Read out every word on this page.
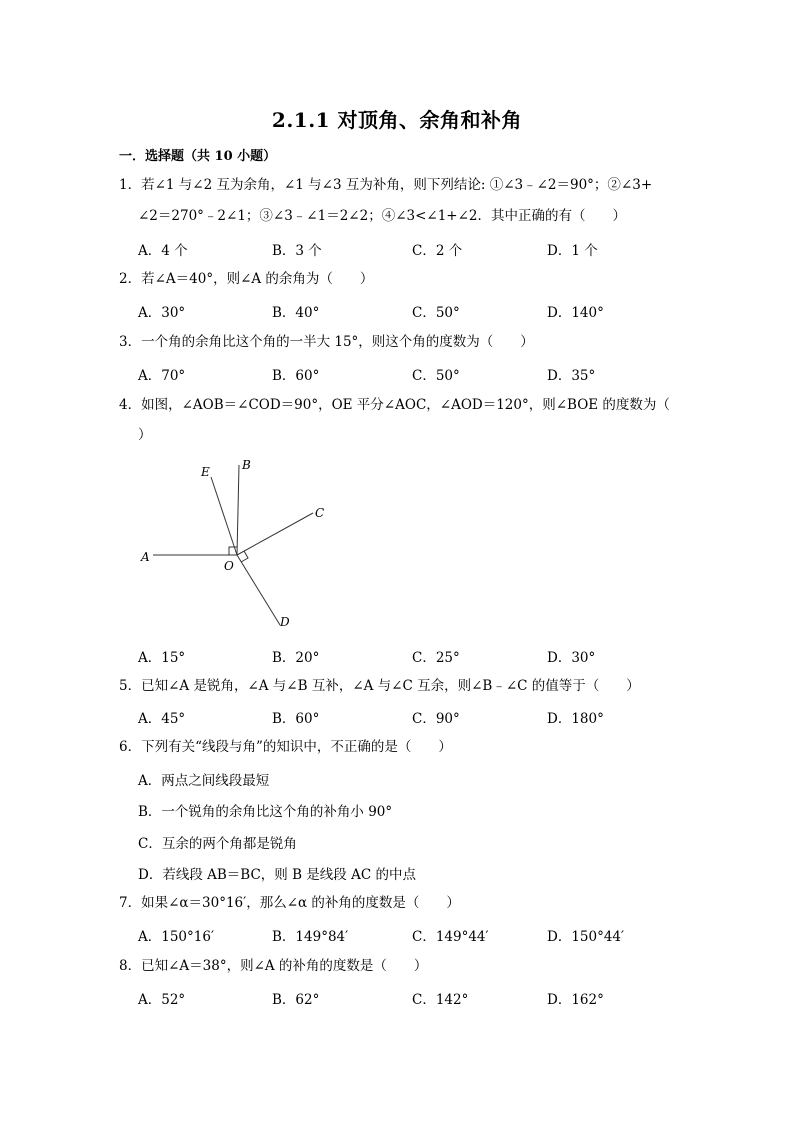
2.1.1 对顶角、余角和补角
一．选择题（共 10 小题）
1．若∠1 与∠2 互为余角，∠1 与∠3 互为补角，则下列结论: ①∠3﹣∠2＝90°；②∠3+
∠2＝270°﹣2∠1；③∠3﹣∠1＝2∠2；④∠3<∠1+∠2．其中正确的有（　　）
A．4 个	B．3 个	C．2 个	D．1 个
2．若∠A＝40°，则∠A 的余角为（　　）
A．30°	B．40°	C．50°	D．140°
3．一个角的余角比这个角的一半大 15°，则这个角的度数为（　　）
A．70°	B．60°	C．50°	D．35°
4．如图，∠AOB＝∠COD＝90°，OE 平分∠AOC，∠AOD＝120°，则∠BOE 的度数为（
）
A
B
C
D
E
O
A．15°	B．20°	C．25°	D．30°
5．已知∠A 是锐角，∠A 与∠B 互补，∠A 与∠C 互余，则∠B﹣∠C 的值等于（　　）
A．45°	B．60°	C．90°	D．180°
6．下列有关“线段与角”的知识中，不正确的是（　　）
A．两点之间线段最短
B．一个锐角的余角比这个角的补角小 90°
C．互余的两个角都是锐角
D．若线段 AB＝BC，则 B 是线段 AC 的中点
7．如果∠α＝30°16′，那么∠α 的补角的度数是（　　）
A．150°16′	B．149°84′	C．149°44′	D．150°44′
8．已知∠A＝38°，则∠A 的补角的度数是（　　）
A．52°	B．62°	C．142°	D．162°
